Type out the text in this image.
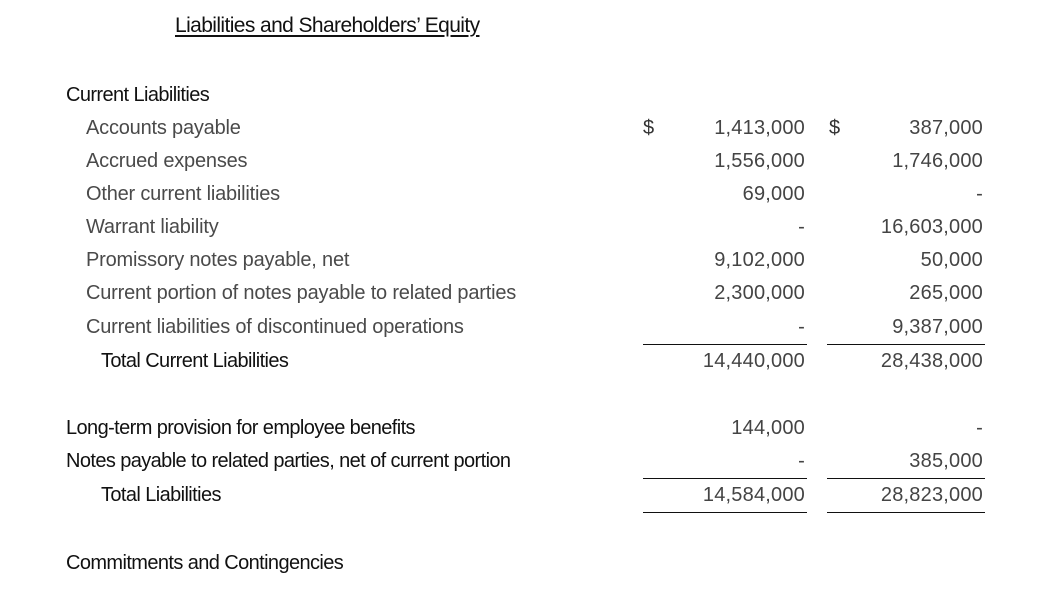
Liabilities and Shareholders’ Equity
Current Liabilities
Accounts payable	$	1,413,000 $	387,000
Accrued expenses	1,556,000	1,746,000
Other current liabilities	69,000	-
Warrant liability	-	16,603,000
Promissory notes payable, net	9,102,000	50,000
Current portion of notes payable to related parties	2,300,000	265,000
Current liabilities of discontinued operations	-	9,387,000
Total Current Liabilities	14,440,000	28,438,000
Long-term provision for employee benefits	144,000	-
Notes payable to related parties, net of current portion	-	385,000
Total Liabilities	14,584,000	28,823,000
Commitments and Contingencies
